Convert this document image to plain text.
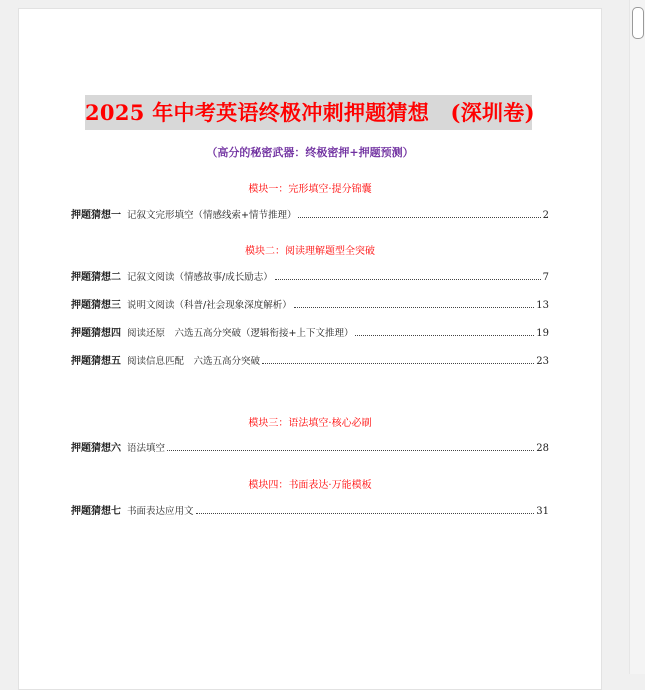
2025 年中考英语终极冲刺押题猜想　(深圳卷)
（高分的秘密武器：终极密押+押题预测）
模块一：完形填空·提分锦囊
押题猜想一 记叙文完形填空（情感线索+情节推理）	2
模块二：阅读理解题型全突破
押题猜想二 记叙文阅读（情感故事/成长励志）	7
押题猜想三 说明文阅读（科普/社会现象深度解析）	13
押题猜想四 阅读还原　六选五高分突破（逻辑衔接+上下文推理）	19
押题猜想五 阅读信息匹配　六选五高分突破	23
模块三：语法填空·核心必刷
押题猜想六 语法填空	28
模块四：书面表达·万能模板
押题猜想七 书面表达应用文	31
